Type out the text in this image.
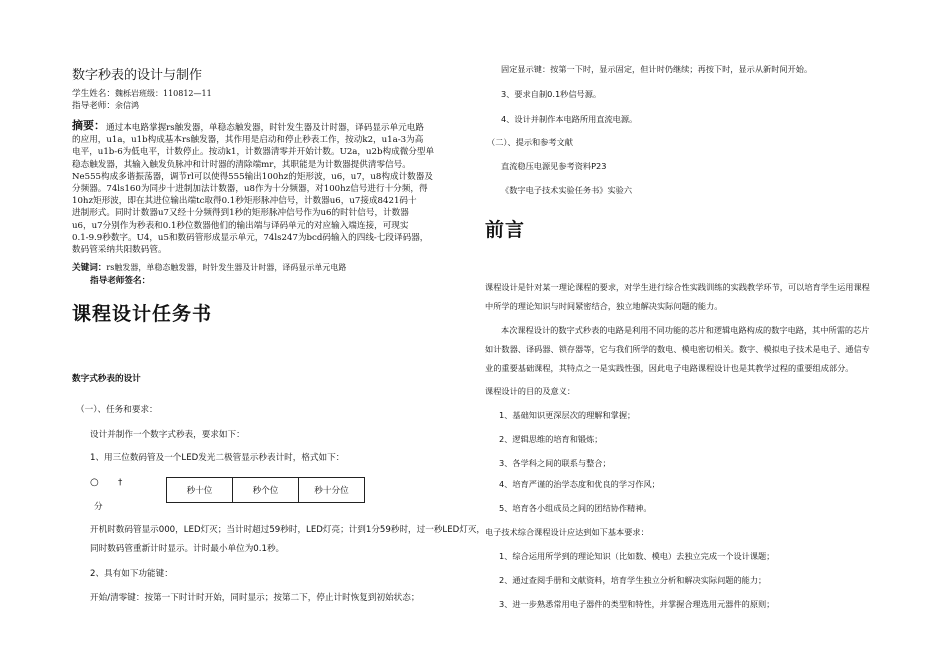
数字秒表的设计与制作
学生姓名：魏栎岩班级：110812—11
指导老师：余信鸿
摘要： 通过本电路掌握rs触发器，单稳态触发器，时针发生器及计时器，译码显示单元电路
的应用，u1a，u1b构成基本rs触发器，其作用是启动和停止秒表工作，按动k2，u1a-3为高
电平，u1b-6为低电平，计数停止。按动k1，计数器清零并开始计数。U2a，u2b构成微分型单
稳态触发器，其输入触发负脉冲和计时器的清除端mr，其职能是为计数器提供清零信号。
Ne555构成多谐振荡器，调节rl可以使得555输出100hz的矩形波，u6，u7，u8构成计数器及
分频器。74ls160为同步十进制加法计数器，u8作为十分频器，对100hz信号进行十分频，得
10hz矩形波，即在其进位输出端tc取得0.1秒矩形脉冲信号，计数器u6，u7接成8421码十
进制形式。同时计数器u7又经十分频得到1秒的矩形脉冲信号作为u6的时针信号，计数器
u6，u7分别作为秒表和0.1秒位数器他们的输出端与译码单元的对应输入端连接，可现实
0.1-9.9秒数字。U4，u5和数码管形成显示单元，74ls247为bcd码输入的四线-七段译码器，
数码管采纳共阳数码管。
关键词：rs触发器，单稳态触发器，时针发生器及计时器，译码显示单元电路
指导老师签名：
课程设计任务书
数字式秒表的设计
（一）、任务和要求：
设计并制作一个数字式秒表，要求如下：
1、用三位数码管及一个LED发光二极管显示秒表计时，格式如下：
○ †
分
秒十位	秒个位	秒十分位
开机时数码管显示000，LED灯灭；当计时超过59秒时，LED灯亮；计到1分59秒时，过一秒LED灯灭，
同时数码管重新计时显示。计时最小单位为0.1秒。
2、具有如下功能键：
开始/清零键：按第一下时计时开始，同时显示；按第二下，停止计时恢复到初始状态；
固定显示键：按第一下时，显示固定，但计时仍继续；再按下时，显示从新时间开始。
3、要求自制0.1秒信号源。
4、设计并制作本电路所用直流电源。
（二）、提示和参考文献
直流稳压电源见参考资料P23
《数字电子技术实验任务书》实验六
前言
课程设计是针对某一理论课程的要求，对学生进行综合性实践训练的实践教学环节，可以培育学生运用课程
中所学的理论知识与时间紧密结合，独立地解决实际问题的能力。
本次课程设计的数字式秒表的电路是利用不同功能的芯片和逻辑电路构成的数字电路，其中所需的芯片
如计数器、译码器、锁存器等，它与我们所学的数电、模电密切相关。数字、模拟电子技术是电子、通信专
业的重要基础课程，其特点之一是实践性强，因此电子电路课程设计也是其教学过程的重要组成部分。
课程设计的目的及意义：
1、基础知识更深层次的理解和掌握；
2、逻辑思维的培育和锻炼；
3、各学科之间的联系与整合；
4、培育严谨的治学态度和优良的学习作风；
5、培育各小组成员之间的团结协作精神。
电子技术综合课程设计应达到如下基本要求：
1、综合运用所学到的理论知识（比如数、模电）去独立完成一个设计课题；
2、通过查阅手册和文献资料，培育学生独立分析和解决实际问题的能力；
3、进一步熟悉常用电子器件的类型和特性，并掌握合理选用元器件的原则；
